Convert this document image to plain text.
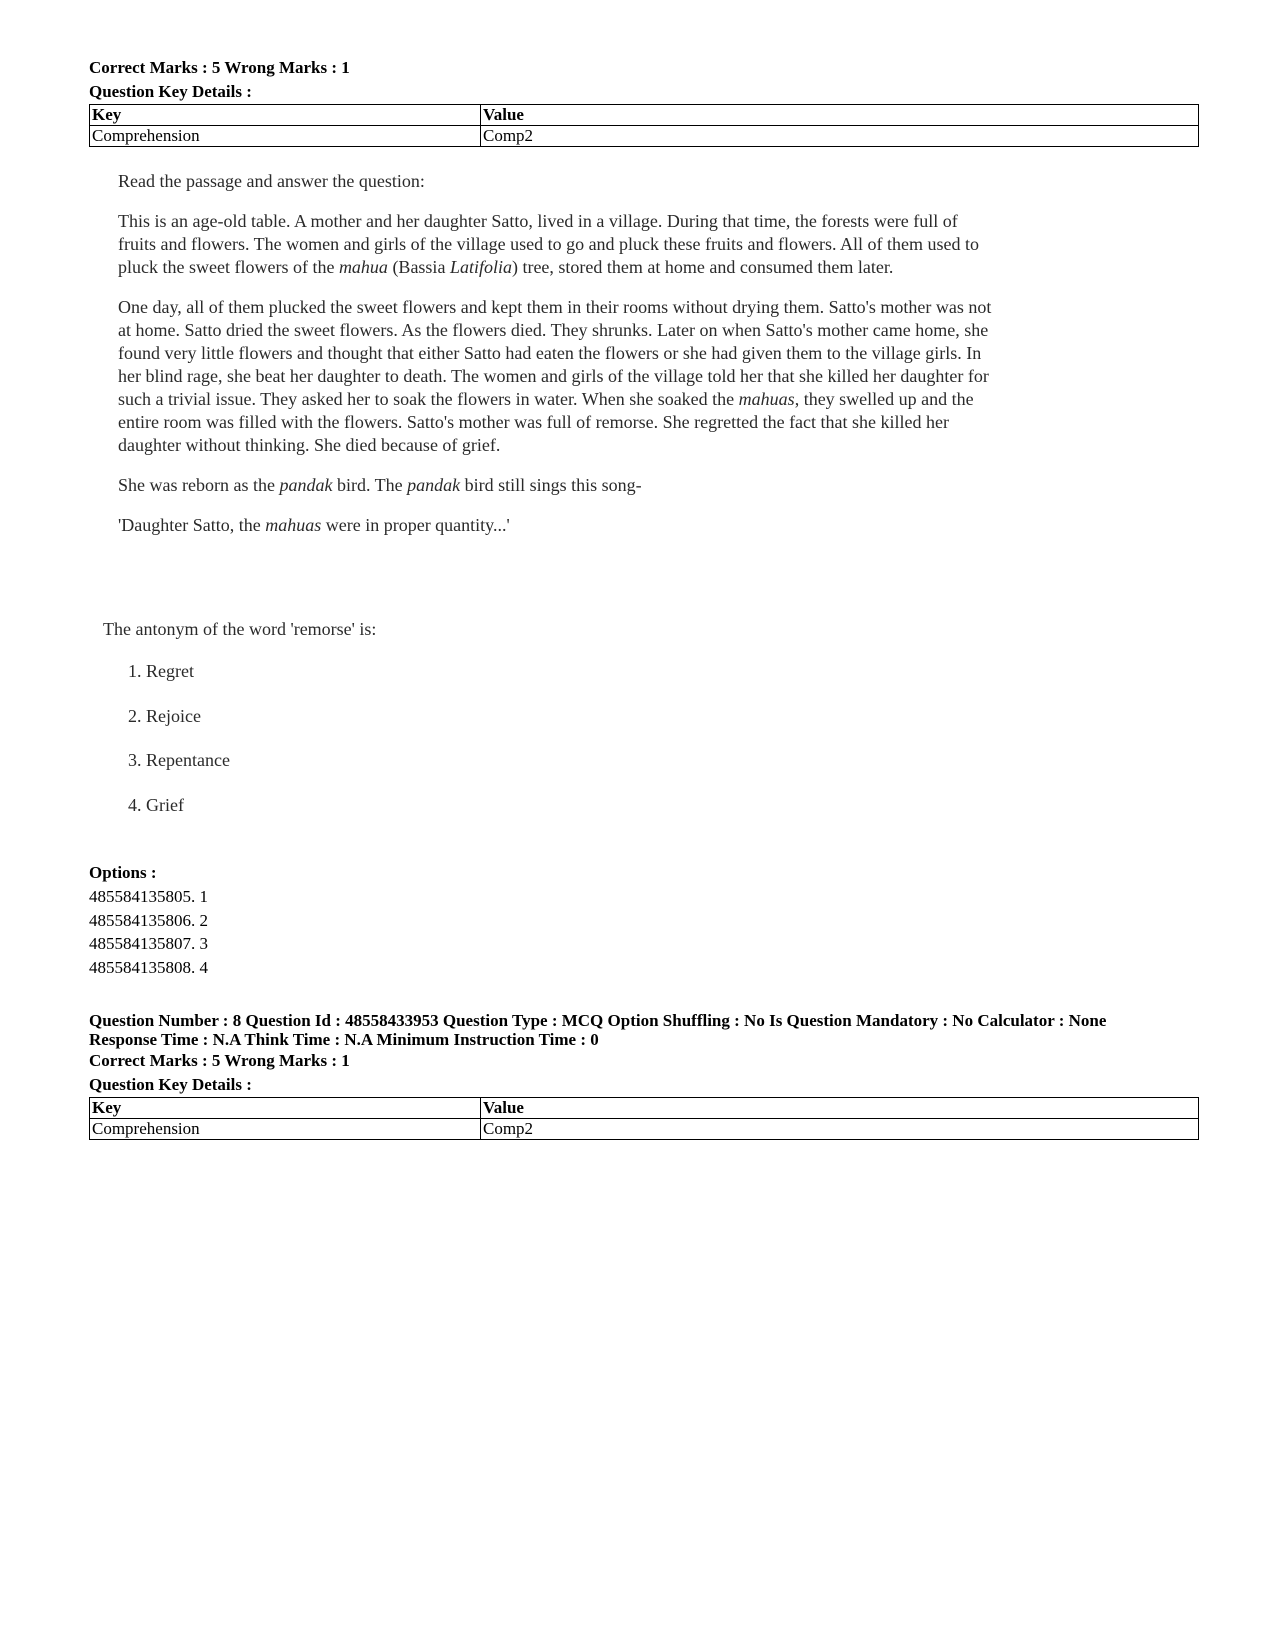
Correct Marks : 5 Wrong Marks : 1

Question Key Details :

Key	Value
Comprehension	Comp2

Read the passage and answer the question:

This is an age-old table. A mother and her daughter Satto, lived in a village. During that time, the forests were full of fruits and flowers. The women and girls of the village used to go and pluck these fruits and flowers. All of them used to pluck the sweet flowers of the mahua (Bassia Latifolia) tree, stored them at home and consumed them later.

One day, all of them plucked the sweet flowers and kept them in their rooms without drying them. Satto's mother was not at home. Satto dried the sweet flowers. As the flowers died. They shrunks. Later on when Satto's mother came home, she found very little flowers and thought that either Satto had eaten the flowers or she had given them to the village girls. In her blind rage, she beat her daughter to death. The women and girls of the village told her that she killed her daughter for such a trivial issue. They asked her to soak the flowers in water. When she soaked the mahuas, they swelled up and the entire room was filled with the flowers. Satto's mother was full of remorse. She regretted the fact that she killed her daughter without thinking. She died because of grief.

She was reborn as the pandak bird. The pandak bird still sings this song-

'Daughter Satto, the mahuas were in proper quantity...'

The antonym of the word 'remorse' is:
1. Regret
2. Rejoice
3. Repentance
4. Grief

Options :

485584135805. 1

485584135806. 2

485584135807. 3

485584135808. 4

Question Number : 8 Question Id : 48558433953 Question Type : MCQ Option Shuffling : No Is Question Mandatory : No Calculator : None

Response Time : N.A Think Time : N.A Minimum Instruction Time : 0

Correct Marks : 5 Wrong Marks : 1

Question Key Details :

Key	Value
Comprehension	Comp2
